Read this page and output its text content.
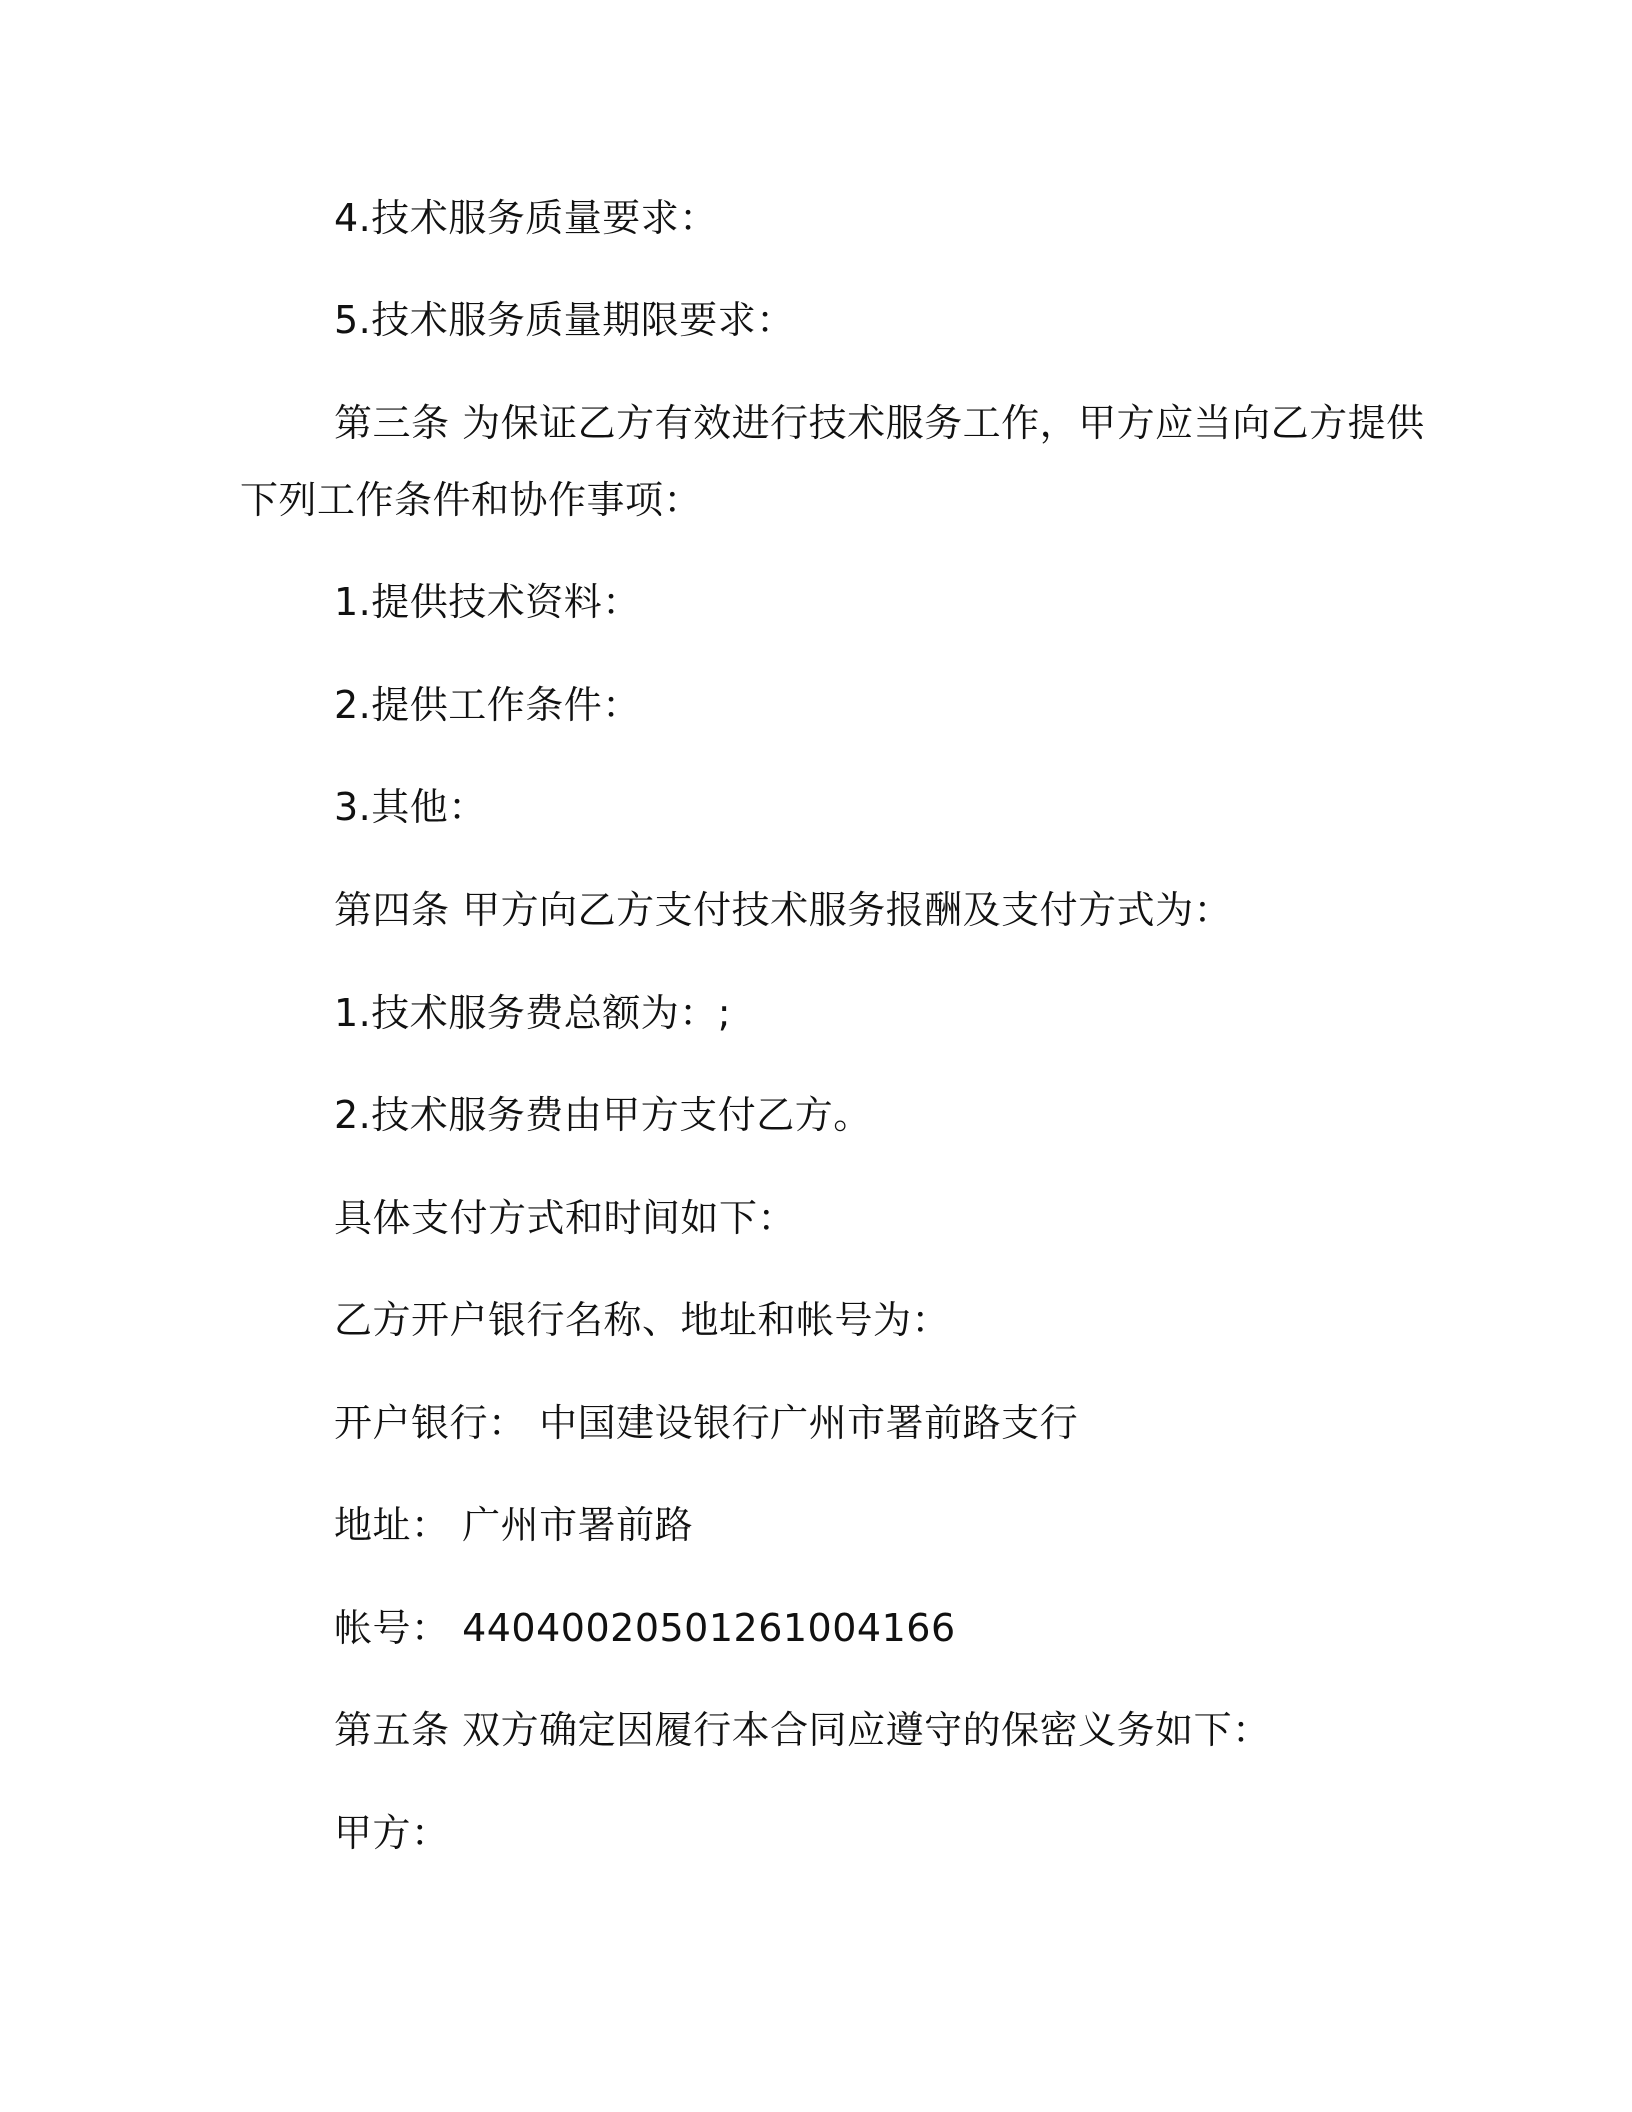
4.技术服务质量要求：
5.技术服务质量期限要求：
第三条 为保证乙方有效进行技术服务工作，甲方应当向乙方提供
下列工作条件和协作事项：
1.提供技术资料：
2.提供工作条件：
3.其他：
第四条 甲方向乙方支付技术服务报酬及支付方式为：
1.技术服务费总额为：;
2.技术服务费由甲方支付乙方。
具体支付方式和时间如下：
乙方开户银行名称、地址和帐号为：
开户银行： 中国建设银行广州市署前路支行
地址： 广州市署前路
帐号： 44040020501261004166
第五条 双方确定因履行本合同应遵守的保密义务如下：
甲方：
